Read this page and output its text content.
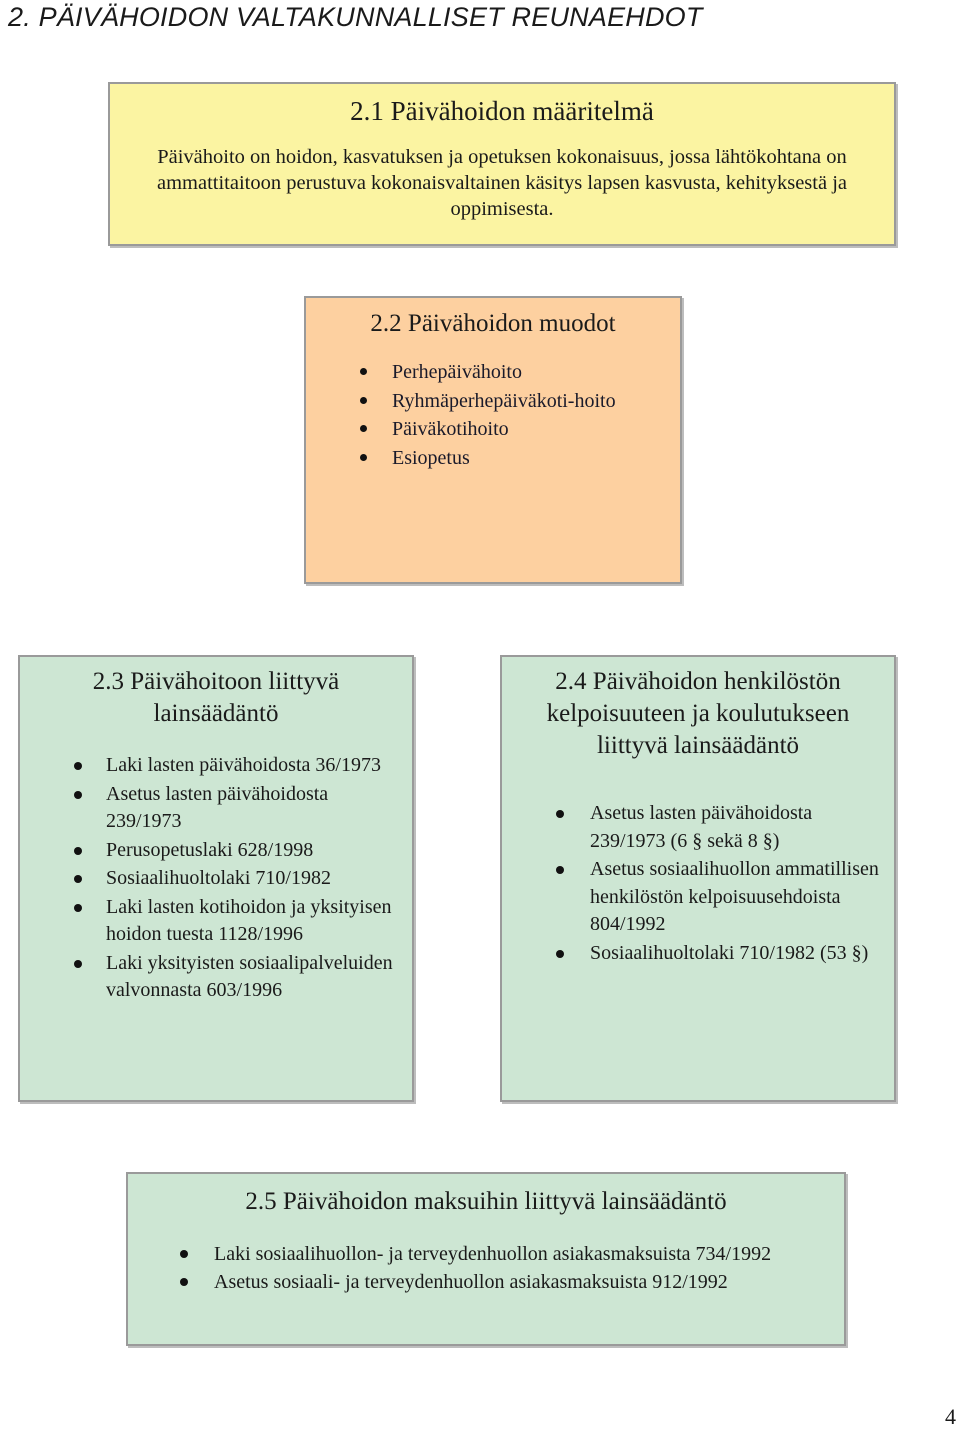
2. PÄIVÄHOIDON VALTAKUNNALLISET REUNAEHDOT
2.1 Päivähoidon määritelmä

Päivähoito on hoidon, kasvatuksen ja opetuksen kokonaisuus, jossa lähtökohtana on ammattitaitoon perustuva kokonaisvaltainen käsitys lapsen kasvusta, kehityksestä ja oppimisesta.

2.2 Päivähoidon muodot
Perhepäivähoito
Ryhmäperhepäiväkoti-hoito
Päiväkotihoito
Esiopetus
2.3 Päivähoitoon liittyvä lainsäädäntö
Laki lasten päivähoidosta 36/1973
Asetus lasten päivähoidosta 239/1973
Perusopetuslaki 628/1998
Sosiaalihuoltolaki 710/1982
Laki lasten kotihoidon ja yksityisen hoidon tuesta 1128/1996
Laki yksityisten sosiaalipalveluiden valvonnasta 603/1996
2.4 Päivähoidon henkilöstön kelpoisuuteen ja koulutukseen liittyvä lainsäädäntö
Asetus lasten päivähoidosta 239/1973 (6 § sekä 8 §)
Asetus sosiaalihuollon ammatillisen henkilöstön kelpoisuusehdoista 804/1992
Sosiaalihuoltolaki 710/1982 (53 §)
2.5 Päivähoidon maksuihin liittyvä lainsäädäntö
Laki sosiaalihuollon- ja terveydenhuollon asiakasmaksuista 734/1992
Asetus sosiaali- ja terveydenhuollon asiakasmaksuista 912/1992
4
